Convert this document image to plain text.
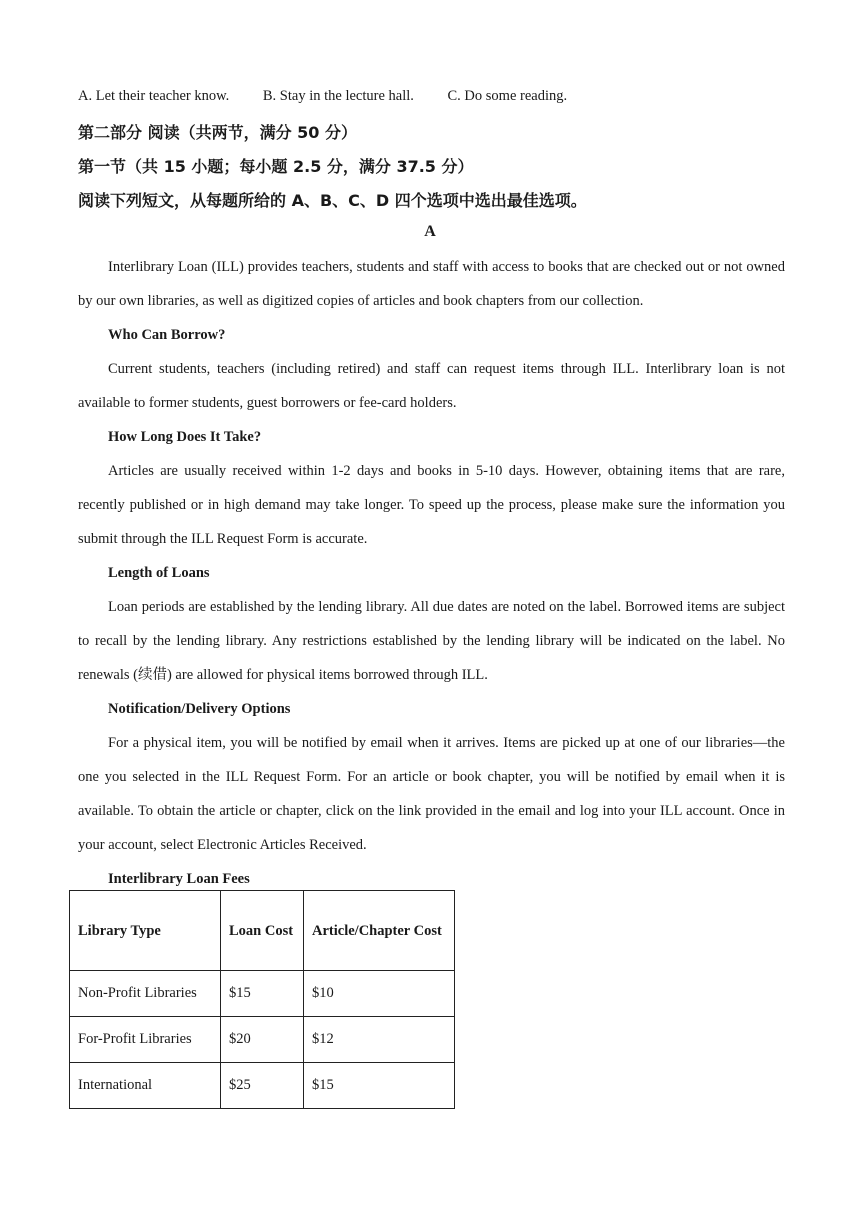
A. Let their teacher know. B. Stay in the lecture hall. C. Do some reading.
第二部分 阅读（共两节，满分 50 分）
第一节（共 15 小题；每小题 2.5 分，满分 37.5 分）
阅读下列短文，从每题所给的 A、B、C、D 四个选项中选出最佳选项。
A

Interlibrary Loan (ILL) provides teachers, students and staff with access to books that are checked out or not owned by our own libraries, as well as digitized copies of articles and book chapters from our collection.

Who Can Borrow?

Current students, teachers (including retired) and staff can request items through ILL. Interlibrary loan is not available to former students, guest borrowers or fee-card holders.

How Long Does It Take?

Articles are usually received within 1-2 days and books in 5-10 days. However, obtaining items that are rare, recently published or in high demand may take longer. To speed up the process, please make sure the information you submit through the ILL Request Form is accurate.

Length of Loans

Loan periods are established by the lending library. All due dates are noted on the label. Borrowed items are subject to recall by the lending library. Any restrictions established by the lending library will be indicated on the label. No renewals (续借) are allowed for physical items borrowed through ILL.

Notification/Delivery Options

For a physical item, you will be notified by email when it arrives. Items are picked up at one of our libraries—the one you selected in the ILL Request Form. For an article or book chapter, you will be notified by email when it is available. To obtain the article or chapter, click on the link provided in the email and log into your ILL account. Once in your account, select Electronic Articles Received.

Interlibrary Loan Fees

Library Type	Loan Cost	Article/Chapter Cost
Non-Profit Libraries	$15	$10
For-Profit Libraries	$20	$12
International	$25	$15
